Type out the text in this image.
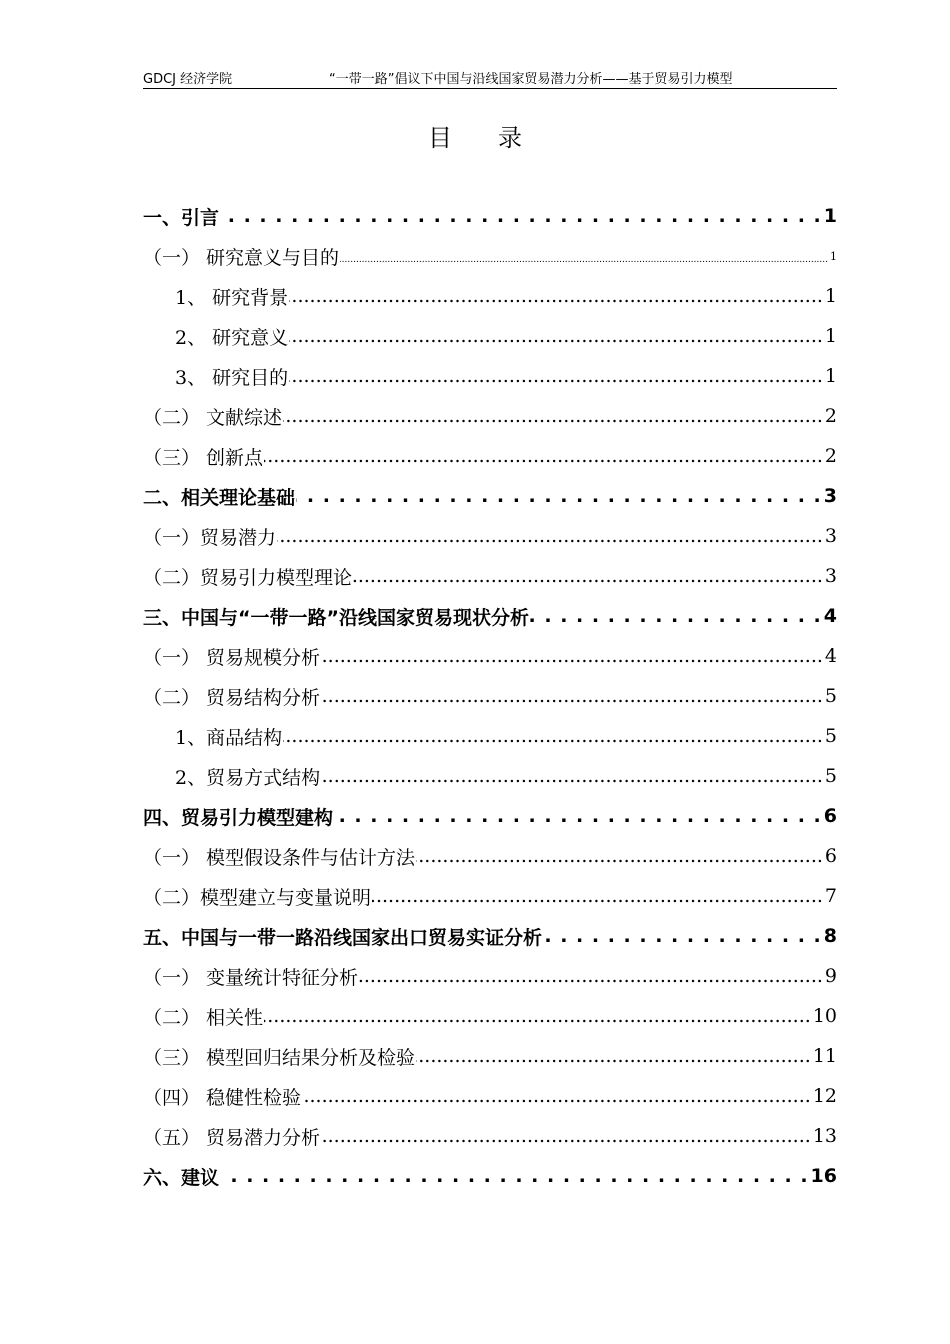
GDCJ 经济学院	“一带一路”倡议下中国与沿线国家贸易潜力分析——基于贸易引力模型
目录
一、引言 . . .	1
（一） 研究意义与目的 .....	1
1、 研究背景 .....	1
2、 研究意义 .....	1
3、 研究目的 .....	1
（二） 文献综述 .....	2
（三） 创新点 .....	2
二、相关理论基础 . . .	3
（一）贸易潜力 .....	3
（二）贸易引力模型理论 .....	3
三、中国与“一带一路”沿线国家贸易现状分析 . . .	4
（一） 贸易规模分析 .....	4
（二） 贸易结构分析 .....	5
1、商品结构 .....	5
2、贸易方式结构 .....	5
四、贸易引力模型建构 . . .	6
（一） 模型假设条件与估计方法 .....	6
（二）模型建立与变量说明 .....	7
五、中国与一带一路沿线国家出口贸易实证分析 . . .	8
（一） 变量统计特征分析 .....	9
（二） 相关性 .....	10
（三） 模型回归结果分析及检验 .....	11
（四） 稳健性检验 .....	12
（五） 贸易潜力分析 .....	13
六、建议 . . .	16
